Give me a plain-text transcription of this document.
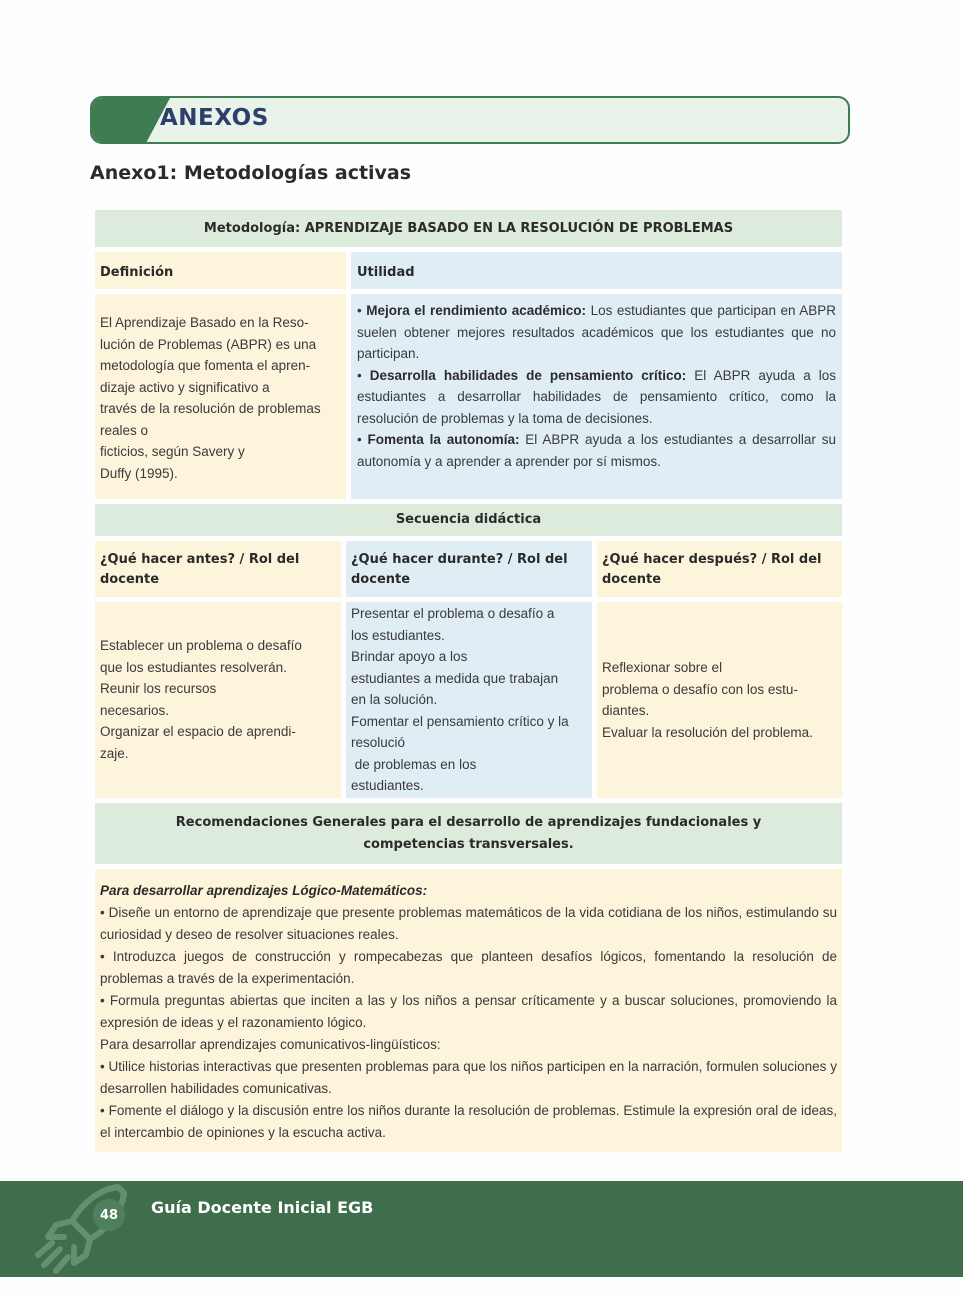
ANEXOS
Anexo1: Metodologías activas
Metodología: APRENDIZAJE BASADO EN LA RESOLUCIÓN DE PROBLEMAS
Definición	Utilidad
El Aprendizaje Basado en la Reso-
lución de Problemas (ABPR) es una
metodología que fomenta el apren-
dizaje activo y significativo a
través de la resolución de problemas
reales o
ficticios, según Savery y
Duffy (1995).
• Mejora el rendimiento académico: Los estudiantes que participan en ABPR suelen obtener mejores resultados académicos que los estudiantes que no participan.
• Desarrolla habilidades de pensamiento crítico: El ABPR ayuda a los estudiantes a desarrollar habilidades de pensamiento crítico, como la resolución de problemas y la toma de decisiones.
• Fomenta la autonomía: El ABPR ayuda a los estudiantes a desarrollar su autonomía y a aprender a aprender por sí mismos.
Secuencia didáctica
¿Qué hacer antes? / Rol del docente
¿Qué hacer durante? / Rol del docente
¿Qué hacer después? / Rol del docente
Establecer un problema o desafío
que los estudiantes resolverán.
Reunir los recursos
necesarios.
Organizar el espacio de aprendi-
zaje.
Presentar el problema o desafío a
los estudiantes.
Brindar apoyo a los
estudiantes a medida que trabajan
en la solución.
Fomentar el pensamiento crítico y la
resolució
de problemas en los
estudiantes.
Reflexionar sobre el
problema o desafío con los estu-
diantes.
Evaluar la resolución del problema.
Recomendaciones Generales para el desarrollo de aprendizajes fundacionales y
competencias transversales.
Para desarrollar aprendizajes Lógico-Matemáticos:
• Diseñe un entorno de aprendizaje que presente problemas matemáticos de la vida cotidiana de los niños, estimulando su curiosidad y deseo de resolver situaciones reales.
• Introduzca juegos de construcción y rompecabezas que planteen desafíos lógicos, fomentando la resolución de problemas a través de la experimentación.
• Formula preguntas abiertas que inciten a las y los niños a pensar críticamente y a buscar soluciones, promoviendo la expresión de ideas y el razonamiento lógico.
Para desarrollar aprendizajes comunicativos-lingüísticos:
• Utilice historias interactivas que presenten problemas para que los niños participen en la narración, formulen soluciones y desarrollen habilidades comunicativas.
• Fomente el diálogo y la discusión entre los niños durante la resolución de problemas. Estimule la expresión oral de ideas, el intercambio de opiniones y la escucha activa.
48	Guía Docente Inicial EGB
